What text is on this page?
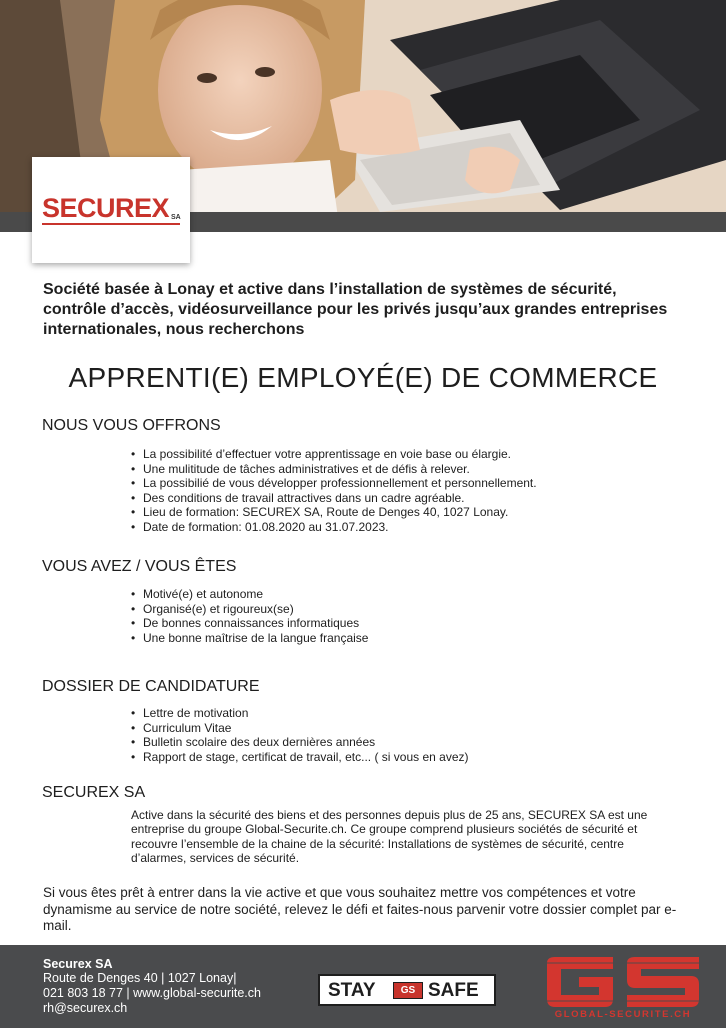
SECUREX SA

Société basée à Lonay et active dans l’installation de systèmes de sécurité, contrôle d’accès, vidéosurveillance pour les privés jusqu’aux grandes entreprises internationales, nous recherchons

APPRENTI(E) EMPLOYÉ(E) DE COMMERCE
NOUS VOUS OFFRONS
• La possibilité d’effectuer votre apprentissage en voie base ou élargie.
• Une mulititude de tâches administratives et de défis à relever.
• La possibilié de vous développer professionnellement et personnellement.
• Des conditions de travail attractives dans un cadre agréable.
• Lieu de formation: SECUREX SA, Route de Denges 40, 1027 Lonay.
• Date de formation: 01.08.2020 au 31.07.2023.
VOUS AVEZ / VOUS ÊTES
• Motivé(e) et autonome
• Organisé(e) et rigoureux(se)
• De bonnes connaissances informatiques
• Une bonne maîtrise de la langue française
DOSSIER DE CANDIDATURE
• Lettre de motivation
• Curriculum Vitae
• Bulletin scolaire des deux dernières années
• Rapport de stage, certificat de travail, etc... ( si vous en avez)
SECUREX SA

Active dans la sécurité des biens et des personnes depuis plus de 25 ans, SECUREX SA est une entreprise du groupe Global-Securite.ch. Ce groupe comprend plusieurs sociétés de sécurité et recouvre l’ensemble de la chaine de la sécurité: Installations de systèmes de sécurité, centre d’alarmes, services de sécurité.

Si vous êtes prêt à entrer dans la vie active et que vous souhaitez mettre vos compétences et votre dynamisme au service de notre société, relevez le défi et faites-nous parvenir votre dossier complet par e-mail.

Securex SA
Route de Denges 40 | 1027 Lonay|
021 803 18 77 | www.global-securite.ch
rh@securex.ch
STAY	GS SAFE
GLOBAL-SECURITE.CH
